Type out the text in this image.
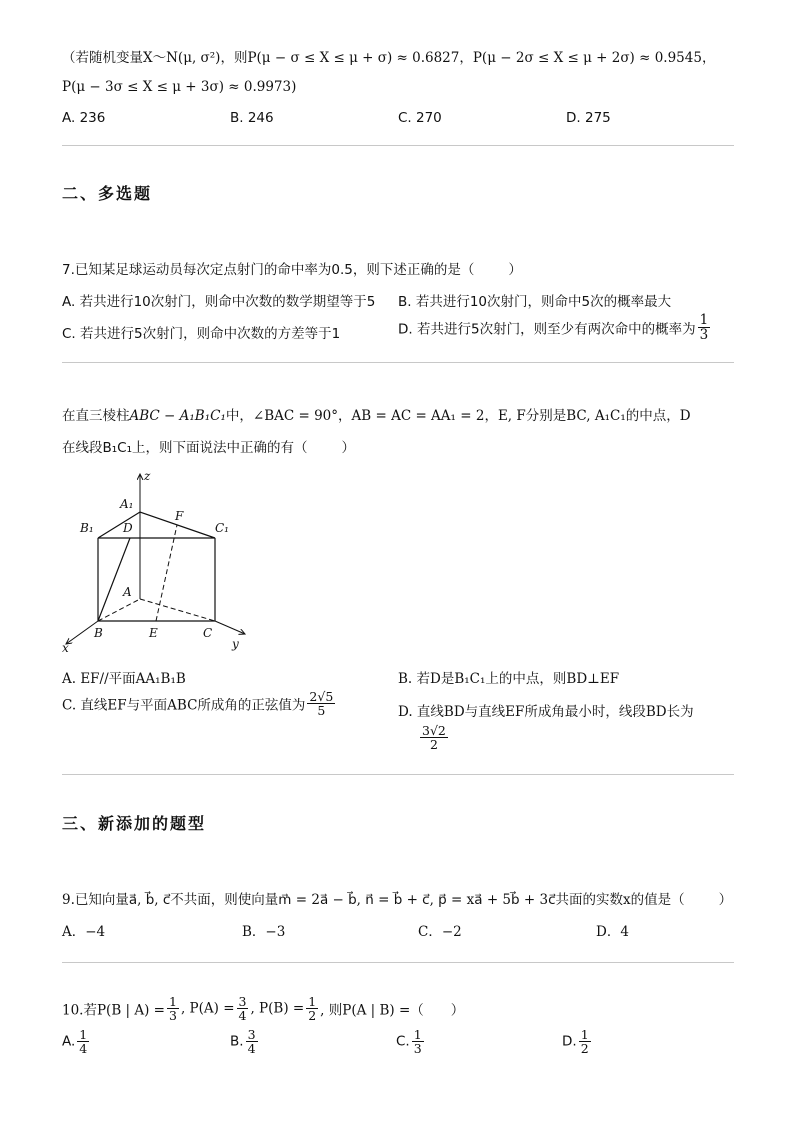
（若随机变量X～N(μ, σ²)，则P(μ − σ ≤ X ≤ μ + σ) ≈ 0.6827，P(μ − 2σ ≤ X ≤ μ + 2σ) ≈ 0.9545，
P(μ − 3σ ≤ X ≤ μ + 3σ) ≈ 0.9973)
A. 236	B. 246	C. 270	D. 275
二、多选题
7.已知某足球运动员每次定点射门的命中率为0.5，则下述正确的是（	）
A. 若共进行10次射门，则命中次数的数学期望等于5 B. 若共进行10次射门，则命中5次的概率最大
C. 若共进行5次射门，则命中次数的方差等于1	D. 若共进行5次射门，则至少有两次命中的概率为 $\frac{1}{3}$
在直三棱柱ABC − A₁B₁C₁中，∠BAC = 90°，AB = AC = AA₁ = 2，E, F分别是BC, A₁C₁的中点，D
在线段B₁C₁上，则下面说法中正确的有（	）
z
A₁
B₁ D
F
C₁
A
B	E	C
x	y
A. EF//平面AA₁B₁B	B. 若D是B₁C₁上的中点，则BD⊥EF
C. 直线EF与平面ABC所成角的正弦值为 $\frac{2√5}{5}$	D. 直线BD与直线EF所成角最小时，线段BD长为
$\frac{3√2}{2}$
三、新添加的题型
9.已知向量a⃗, b⃗, c⃗不共面，则使向量m⃗ = 2a⃗ − b⃗, n⃗ = b⃗ + c⃗, p⃗ = xa⃗ + 5b⃗ + 3c⃗共面的实数x的值是（	）
A．−4	B．−3	C．−2	D．4
10.若P(B | $A) = \frac{1}{3}$ , $P(A) = \frac{3}{4}$ , $P(B) = \frac{1}{2}$ , 则P(A | B) =（　　）
A. $\frac{1}{4}$	B. $\frac{3}{4}$	C. $\frac{1}{3}$	D. $\frac{1}{2}$
